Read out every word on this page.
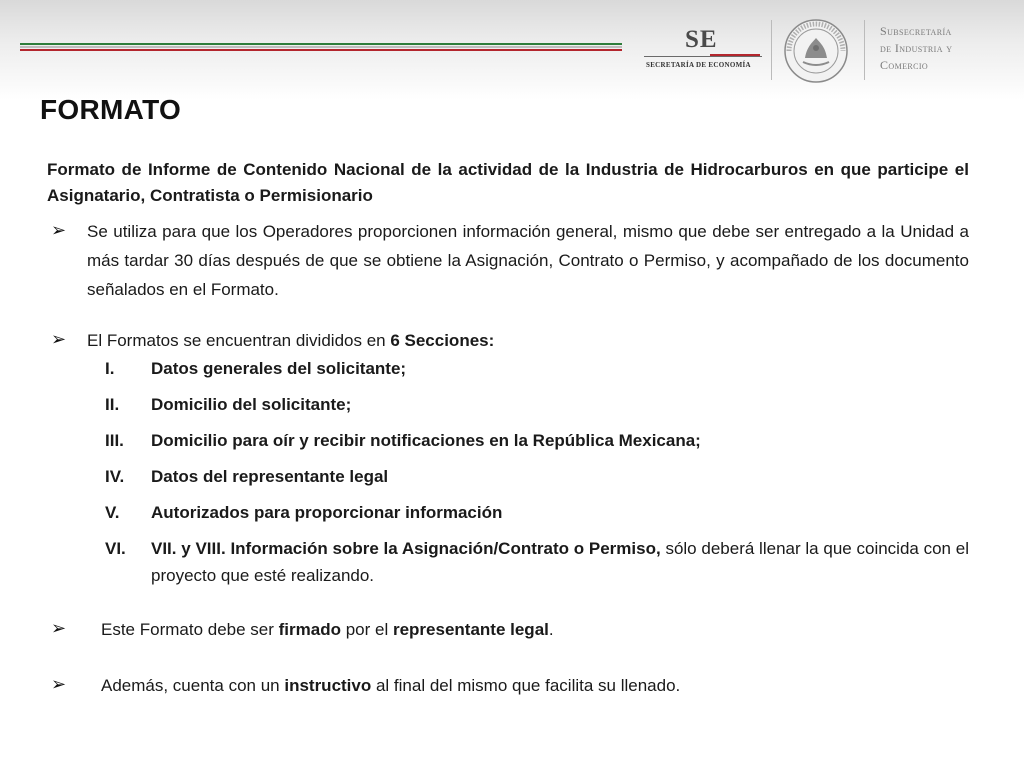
SE
SECRETARÍA DE ECONOMÍA
Subsecretaría
de Industria y
Comercio
FORMATO

Formato de Informe de Contenido Nacional de la actividad de la Industria de Hidrocarburos en que participe el Asignatario, Contratista o Permisionario

➢ Se utiliza para que los Operadores proporcionen información general, mismo que debe ser entregado a la Unidad a más tardar 30 días después de que se obtiene la Asignación, Contrato o Permiso, y acompañado de los documento señalados en el Formato.
➢ El Formatos se encuentran divididos en 6 Secciones:
I. Datos generales del solicitante;
II. Domicilio del solicitante;
III. Domicilio para oír y recibir notificaciones en la República Mexicana;
IV. Datos del representante legal
V. Autorizados para proporcionar información
VI. VII. y VIII. Información sobre la Asignación/Contrato o Permiso, sólo deberá llenar la que coincida con el proyecto que esté realizando.
➢ Este Formato debe ser firmado por el representante legal.
➢ Además, cuenta con un instructivo al final del mismo que facilita su llenado.
